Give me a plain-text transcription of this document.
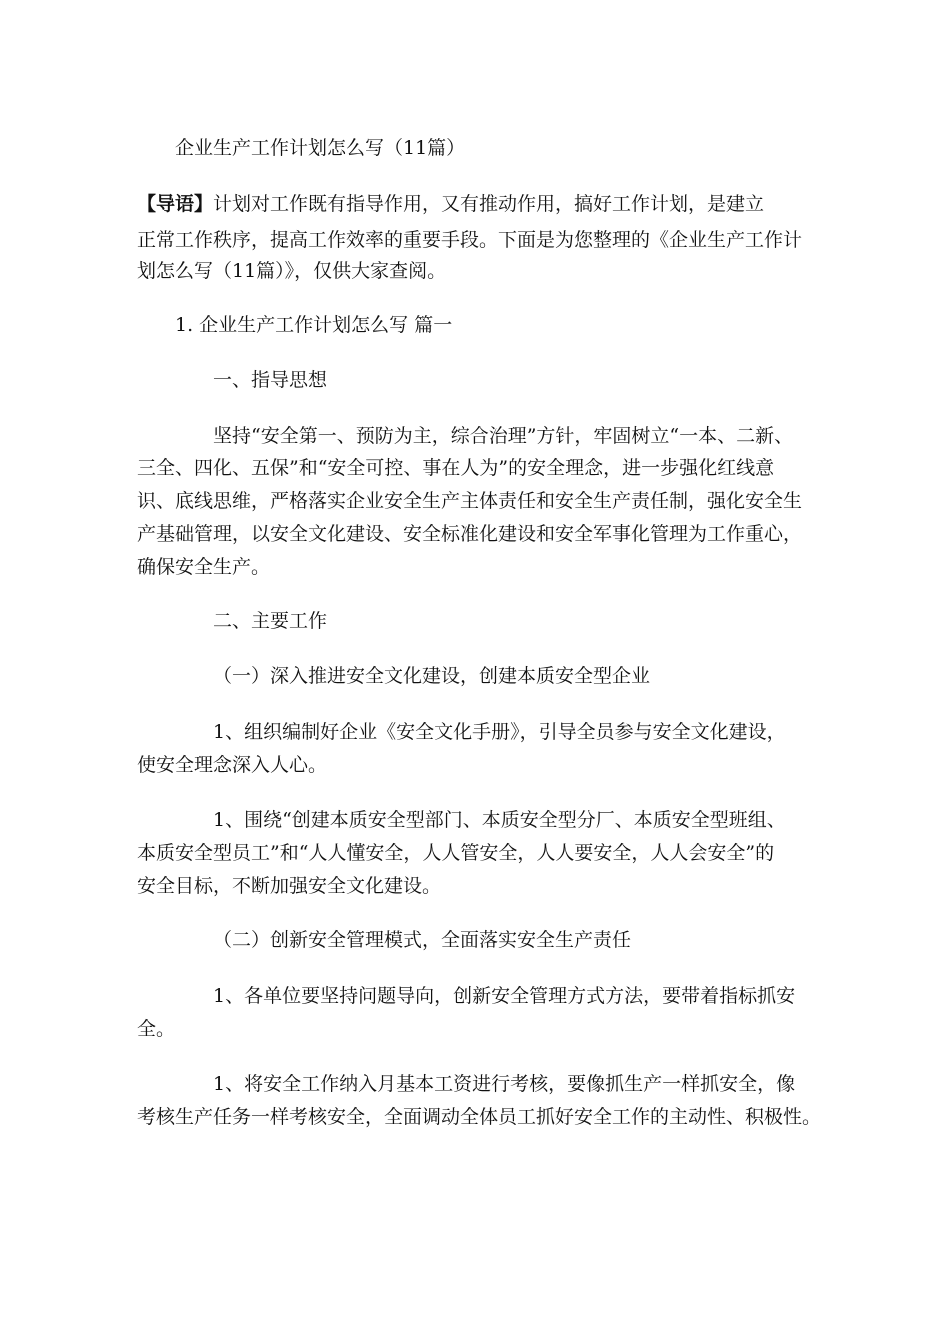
企业生产工作计划怎么写（11篇）

【导语】计划对工作既有指导作用，又有推动作用，搞好工作计划，是建立

正常工作秩序，提高工作效率的重要手段。下面是为您整理的《企业生产工作计

划怎么写（11篇）》，仅供大家查阅。

1. 企业生产工作计划怎么写 篇一

一、指导思想

坚持“安全第一、预防为主，综合治理”方针，牢固树立“一本、二新、

三全、四化、五保”和“安全可控、事在人为”的安全理念，进一步强化红线意

识、底线思维，严格落实企业安全生产主体责任和安全生产责任制，强化安全生

产基础管理，以安全文化建设、安全标准化建设和安全军事化管理为工作重心，

确保安全生产。

二、主要工作

（一）深入推进安全文化建设，创建本质安全型企业

1、组织编制好企业《安全文化手册》，引导全员参与安全文化建设，

使安全理念深入人心。

1、围绕“创建本质安全型部门、本质安全型分厂、本质安全型班组、

本质安全型员工”和“人人懂安全，人人管安全，人人要安全，人人会安全”的

安全目标，不断加强安全文化建设。

（二）创新安全管理模式，全面落实安全生产责任

1、各单位要坚持问题导向，创新安全管理方式方法，要带着指标抓安

全。

1、将安全工作纳入月基本工资进行考核，要像抓生产一样抓安全，像

考核生产任务一样考核安全，全面调动全体员工抓好安全工作的主动性、积极性。
